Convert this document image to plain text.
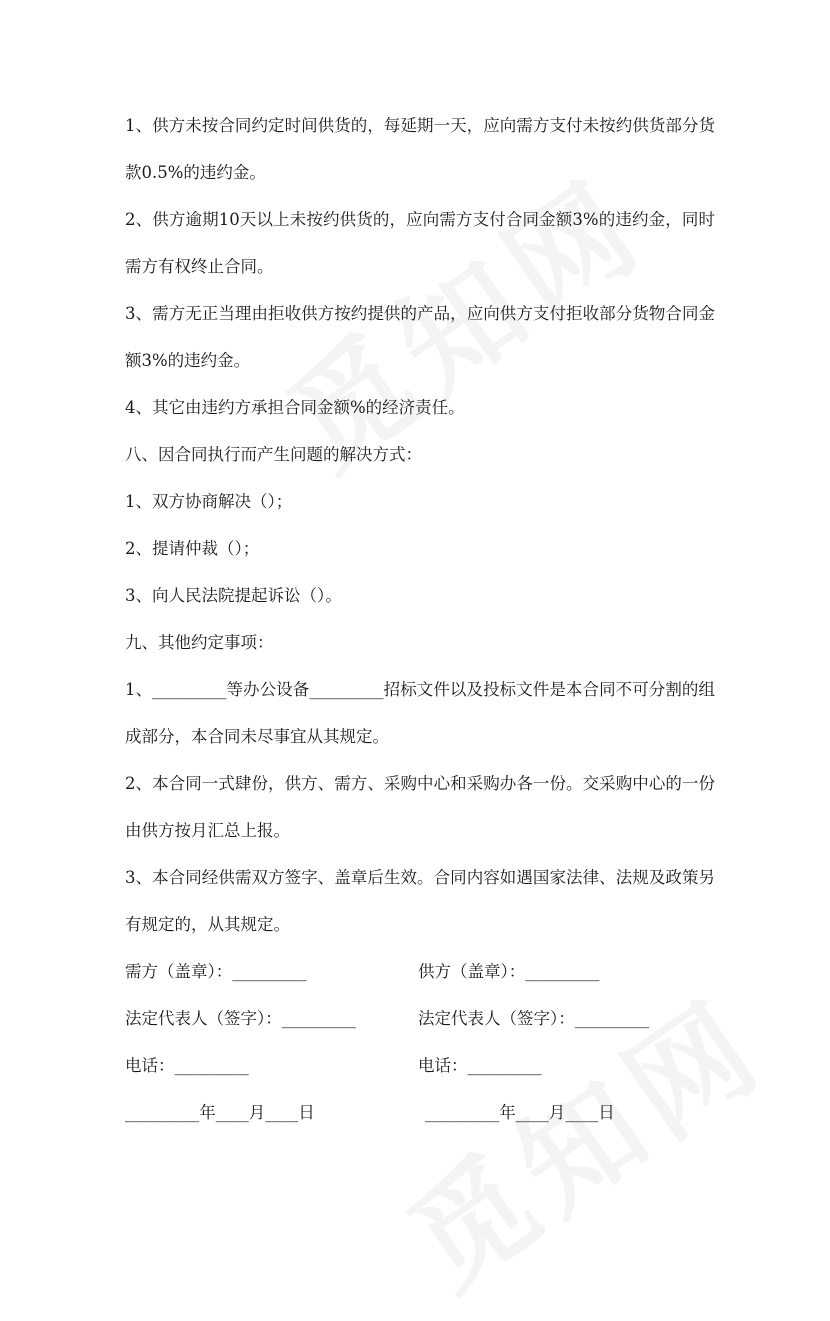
1、供方未按合同约定时间供货的，每延期一天，应向需方支付未按约供货部分货款0.5%的违约金。

2、供方逾期10天以上未按约供货的，应向需方支付合同金额3%的违约金，同时需方有权终止合同。

3、需方无正当理由拒收供方按约提供的产品，应向供方支付拒收部分货物合同金额3%的违约金。

4、其它由违约方承担合同金额%的经济责任。

八、因合同执行而产生问题的解决方式：

1、双方协商解决（）；

2、提请仲裁（）；

3、向人民法院提起诉讼（）。

九、其他约定事项：

1、_________等办公设备_________招标文件以及投标文件是本合同不可分割的组成部分，本合同未尽事宜从其规定。

2、本合同一式肆份，供方、需方、采购中心和采购办各一份。交采购中心的一份由供方按月汇总上报。

3、本合同经供需双方签字、盖章后生效。合同内容如遇国家法律、法规及政策另有规定的，从其规定。

需方（盖章）：_________	供方（盖章）：_________
法定代表人（签字）：_________	法定代表人（签字）：_________
电话：_________	电话：_________
_________年____月____日	_________年____月____日
